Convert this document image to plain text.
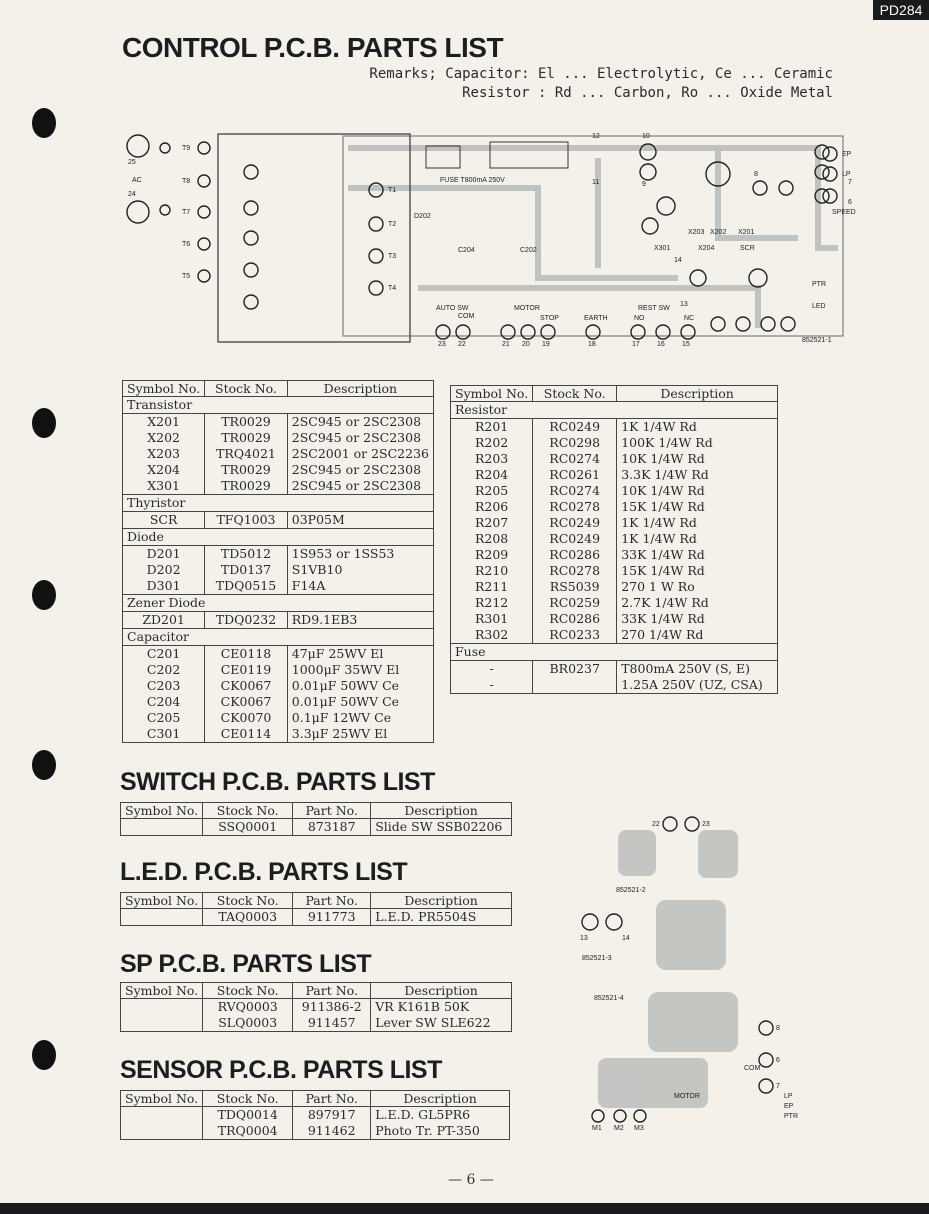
PD284
CONTROL P.C.B. PARTS LIST
Remarks; Capacitor: El ... Electrolytic, Ce ... Ceramic
Resistor : Rd ... Carbon, Ro ... Oxide Metal
FUSE T800mA 250V
AC
25
24
T9
T8
T7
T6
T5
T1
T2
T3
T4
D202
C204	C202
AUTO SW
COM
MOTOR
STOP	EARTH
REST SW
NO	NC
SPEED
EP
LP
X301	X204	SCR
X203 X202 X201
LED
PTR
852521-1
23 22	21 20 19	18	17 16 15
12
11
10
9
8
7
6
14
13
Symbol No.	Stock No.	Description
Transistor		
X201	TR0029	2SC945 or 2SC2308
X202	TR0029	2SC945 or 2SC2308
X203	TRQ4021	2SC2001 or 2SC2236
X204	TR0029	2SC945 or 2SC2308
X301	TR0029	2SC945 or 2SC2308
Thyristor		
SCR	TFQ1003	03P05M
Diode		
D201	TD5012	1S953 or 1SS53
D202	TD0137	S1VB10
D301	TDQ0515	F14A
Zener Diode		
ZD201	TDQ0232	RD9.1EB3
Capacitor		
C201	CE0118	47μF 25WV El
C202	CE0119	1000μF 35WV El
C203	CK0067	0.01μF 50WV Ce
C204	CK0067	0.01μF 50WV Ce
C205	CK0070	0.1μF 12WV Ce
C301	CE0114	3.3μF 25WV El
Symbol No.	Stock No.	Description
Resistor		
R201	RC0249	1K 1/4W Rd
R202	RC0298	100K 1/4W Rd
R203	RC0274	10K 1/4W Rd
R204	RC0261	3.3K 1/4W Rd
R205	RC0274	10K 1/4W Rd
R206	RC0278	15K 1/4W Rd
R207	RC0249	1K 1/4W Rd
R208	RC0249	1K 1/4W Rd
R209	RC0286	33K 1/4W Rd
R210	RC0278	15K 1/4W Rd
R211	RS5039	270 1 W Ro
R212	RC0259	2.7K 1/4W Rd
R301	RC0286	33K 1/4W Rd
R302	RC0233	270 1/4W Rd
Fuse		
-	BR0237	T800mA 250V (S, E)
-		1.25A 250V (UZ, CSA)
SWITCH P.C.B. PARTS LIST
Symbol No.	Stock No.	Part No.	Description
	SSQ0001	873187	Slide SW SSB02206
L.E.D. P.C.B. PARTS LIST
Symbol No.	Stock No.	Part No.	Description
	TAQ0003	911773	L.E.D. PR5504S
SP P.C.B. PARTS LIST
Symbol No.	Stock No.	Part No.	Description
	RVQ0003	911386-2	VR K161B 50K
	SLQ0003	911457	Lever SW SLE622
SENSOR P.C.B. PARTS LIST
Symbol No.	Stock No.	Part No.	Description
	TDQ0014	897917	L.E.D. GL5PR6
	TRQ0004	911462	Photo Tr. PT-350
852521-2
852521-3
852521-4
22	23
13	14
8
6
7
M1 M2 M3
MOTOR
COM
LP
EP
PTR
— 6 —
